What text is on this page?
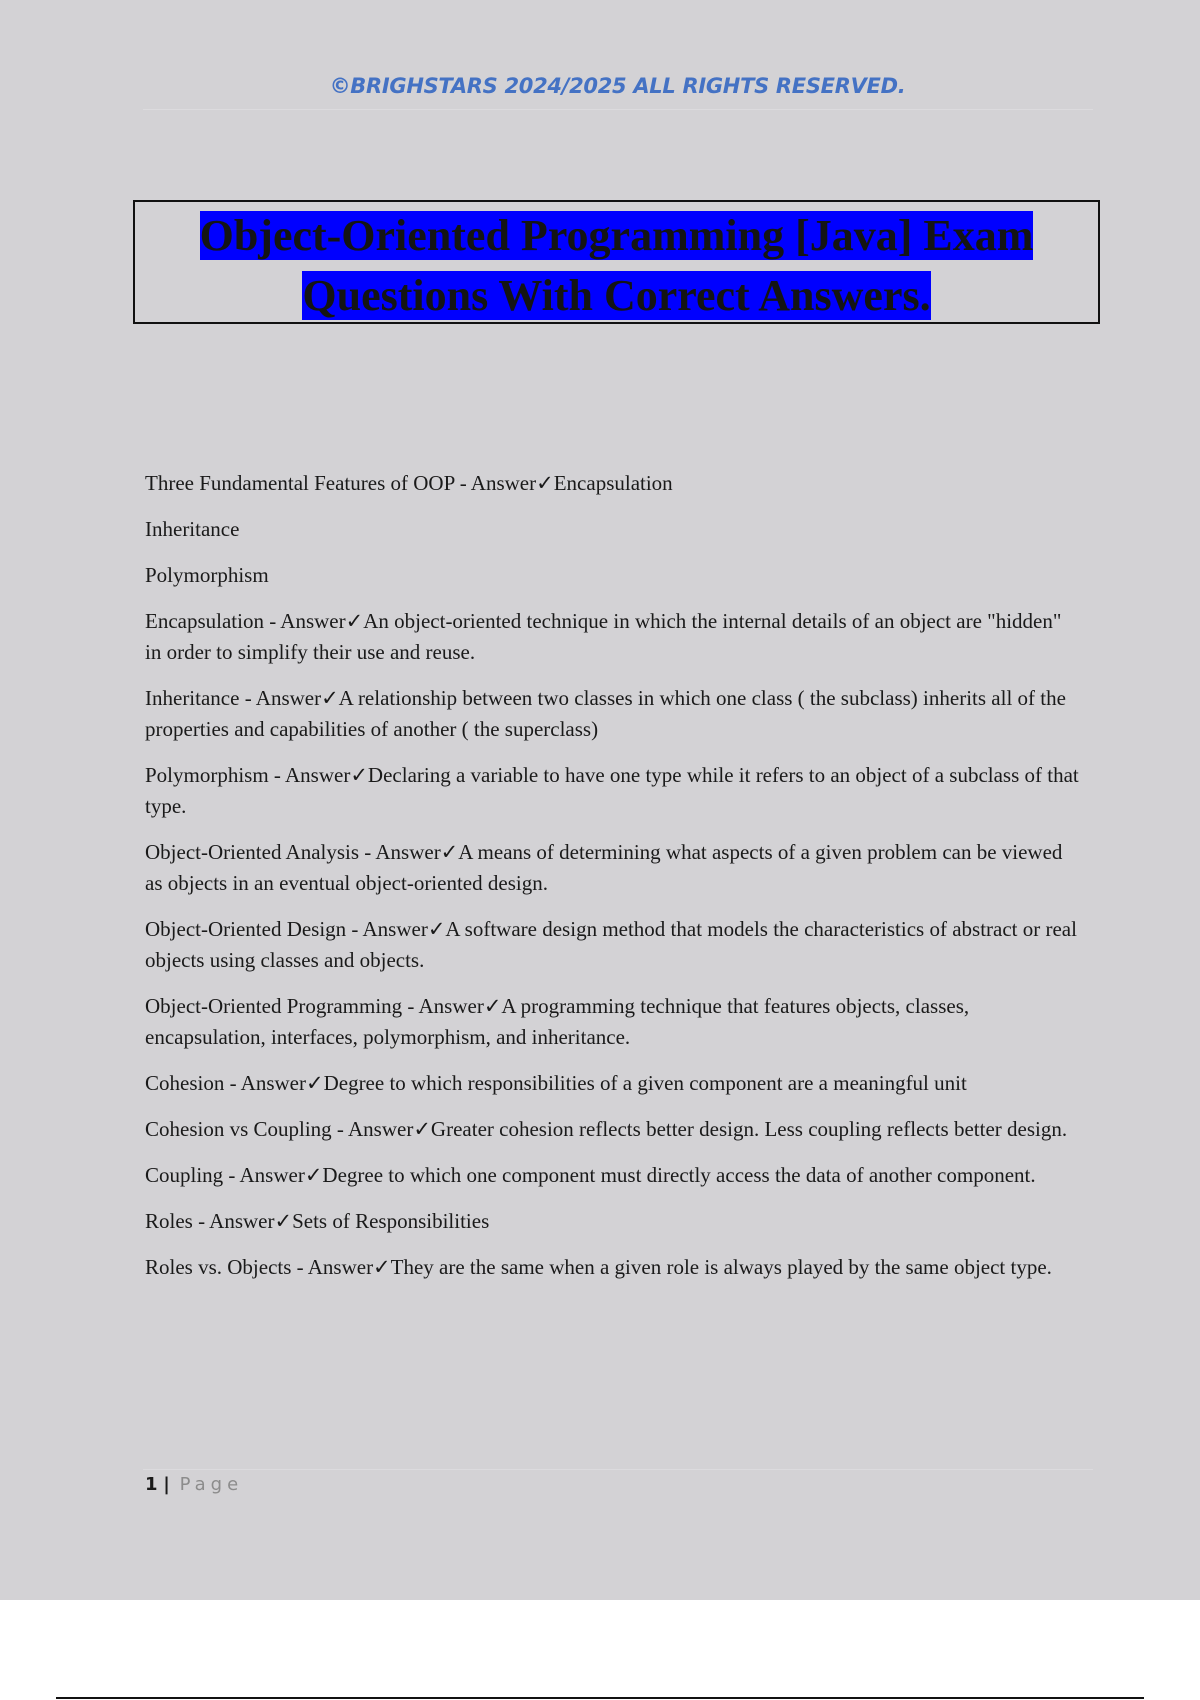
©BRIGHSTARS 2024/2025 ALL RIGHTS RESERVED.
Object-Oriented Programming [Java] Exam
Questions With Correct Answers.

Three Fundamental Features of OOP - Answer✓Encapsulation

Inheritance

Polymorphism

Encapsulation - Answer✓An object-oriented technique in which the internal details of an object are "hidden" in order to simplify their use and reuse.

Inheritance - Answer✓A relationship between two classes in which one class ( the subclass) inherits all of the properties and capabilities of another ( the superclass)

Polymorphism - Answer✓Declaring a variable to have one type while it refers to an object of a subclass of that type.

Object-Oriented Analysis - Answer✓A means of determining what aspects of a given problem can be viewed as objects in an eventual object-oriented design.

Object-Oriented Design - Answer✓A software design method that models the characteristics of abstract or real objects using classes and objects.

Object-Oriented Programming - Answer✓A programming technique that features objects, classes, encapsulation, interfaces, polymorphism, and inheritance.

Cohesion - Answer✓Degree to which responsibilities of a given component are a meaningful unit

Cohesion vs Coupling - Answer✓Greater cohesion reflects better design. Less coupling reflects better design.

Coupling - Answer✓Degree to which one component must directly access the data of another component.

Roles - Answer✓Sets of Responsibilities

Roles vs. Objects - Answer✓They are the same when a given role is always played by the same object type.

1 | Page
